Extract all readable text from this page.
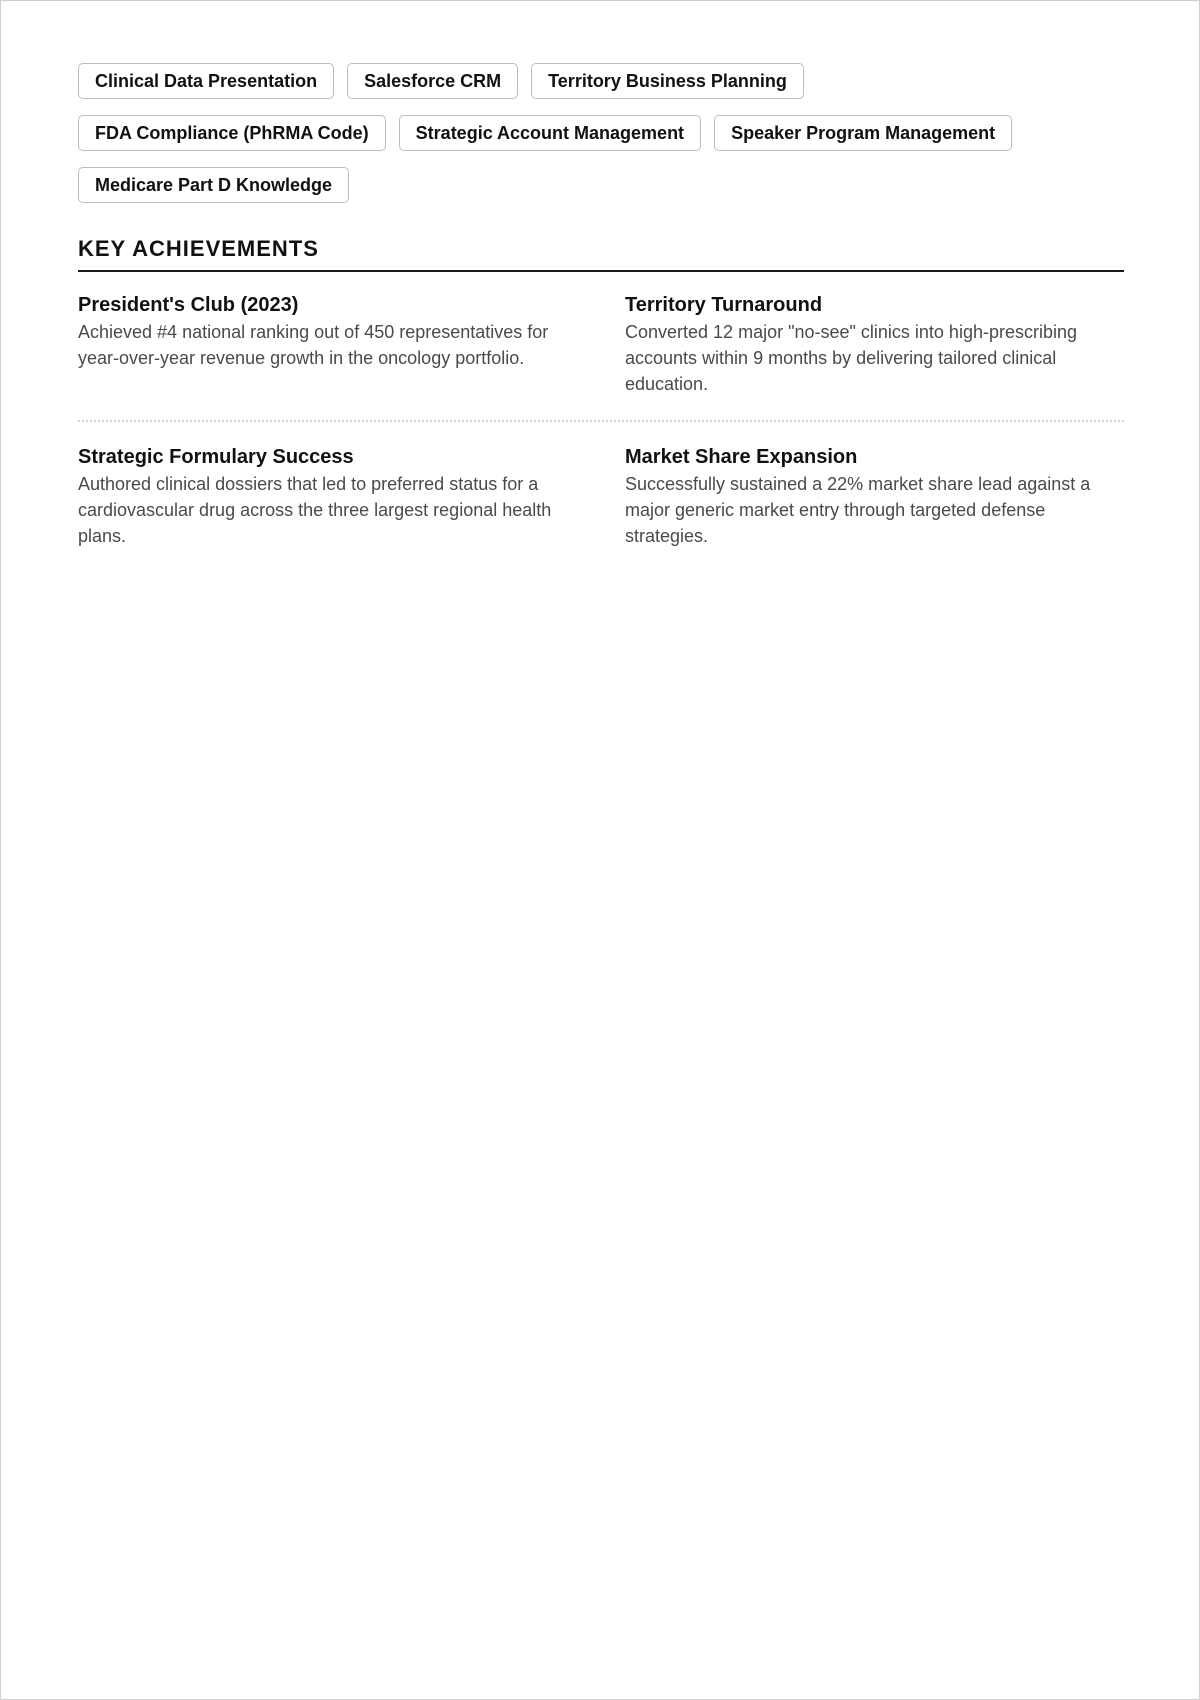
Clinical Data Presentation	Salesforce CRM	Territory Business Planning
FDA Compliance (PhRMA Code)	Strategic Account Management	Speaker Program Management
Medicare Part D Knowledge
KEY ACHIEVEMENTS
President's Club (2023)
Achieved #4 national ranking out of 450 representatives for year-over-year revenue growth in the oncology portfolio.
Territory Turnaround
Converted 12 major "no-see" clinics into high-prescribing accounts within 9 months by delivering tailored clinical education.
Strategic Formulary Success
Authored clinical dossiers that led to preferred status for a cardiovascular drug across the three largest regional health plans.
Market Share Expansion
Successfully sustained a 22% market share lead against a major generic market entry through targeted defense strategies.
